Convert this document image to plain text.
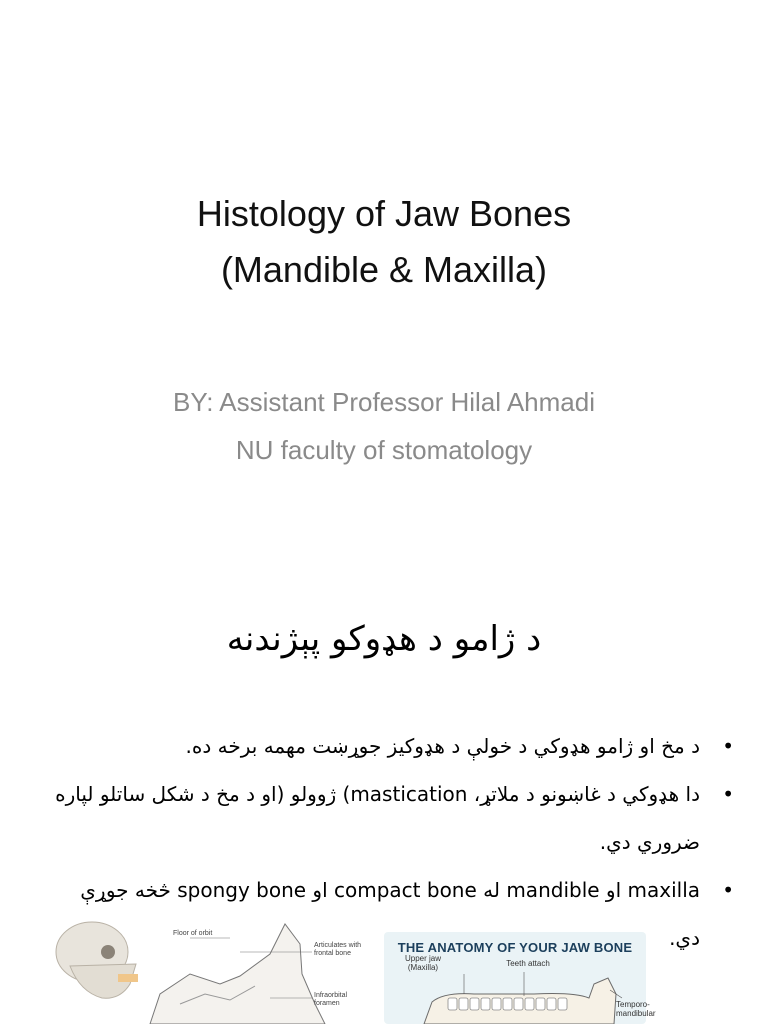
Histology of Jaw Bones
(Mandible & Maxilla)
BY: Assistant Professor Hilal Ahmadi
NU faculty of stomatology
د ژامو د هډوکو پېژندنه
•
د مخ او ژامو هډوکي د خولې د هډوکيز جوړښت مهمه برخه ده.
•
دا هډوکي د غاښونو د ملاتړ، mastication) ژوولو (او د مخ د شکل ساتلو لپاره
ضروري دي.
•
maxilla او mandible له compact bone او spongy bone څخه جوړې
دي.
Floor of orbit
Articulates with frontal bone
Infraorbital foramen
THE ANATOMY OF YOUR JAW BONE
Upper jaw (Maxilla)	Teeth attach
Temporo-mandibular
